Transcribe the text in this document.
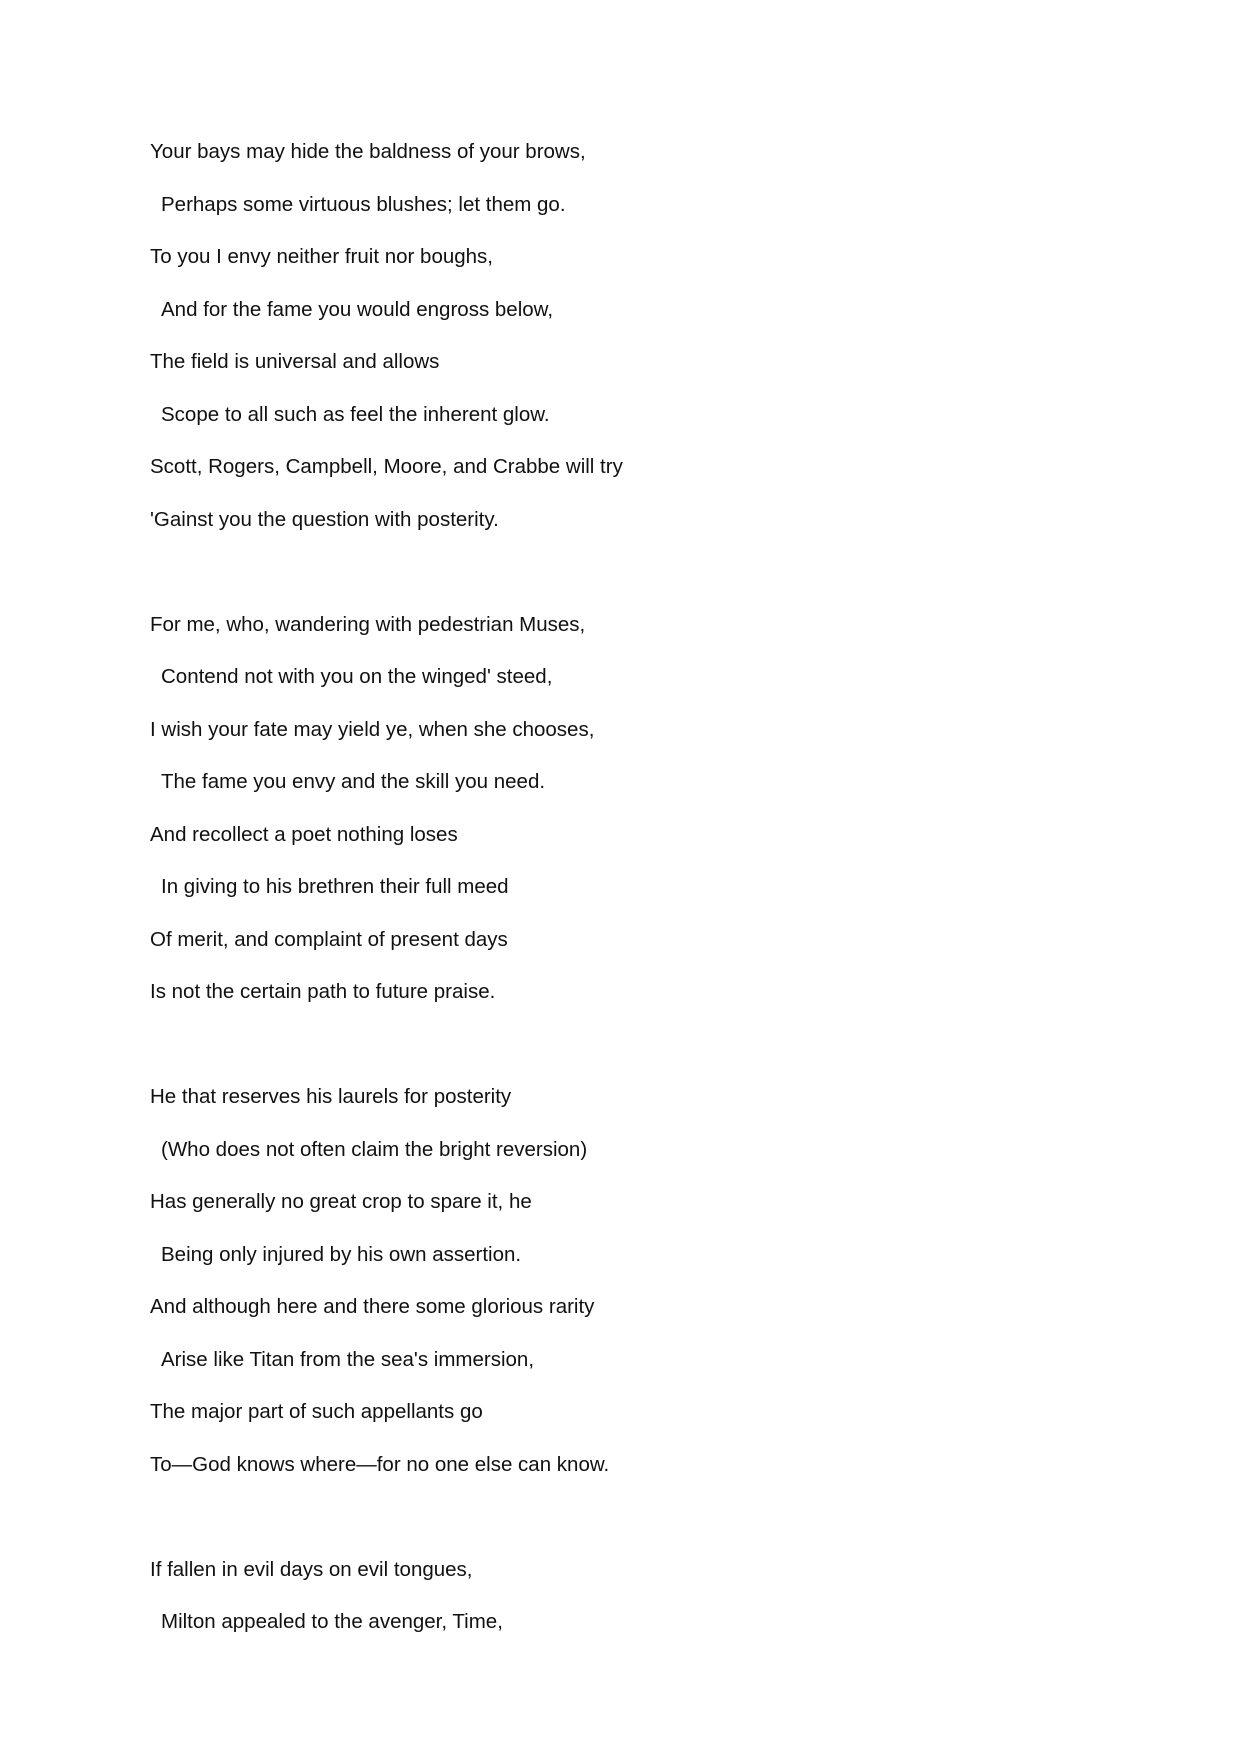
Your bays may hide the baldness of your brows,
Perhaps some virtuous blushes; let them go.
To you I envy neither fruit nor boughs,
And for the fame you would engross below,
The field is universal and allows
Scope to all such as feel the inherent glow.
Scott, Rogers, Campbell, Moore, and Crabbe will try
'Gainst you the question with posterity.
For me, who, wandering with pedestrian Muses,
Contend not with you on the winged' steed,
I wish your fate may yield ye, when she chooses,
The fame you envy and the skill you need.
And recollect a poet nothing loses
In giving to his brethren their full meed
Of merit, and complaint of present days
Is not the certain path to future praise.
He that reserves his laurels for posterity
(Who does not often claim the bright reversion)
Has generally no great crop to spare it, he
Being only injured by his own assertion.
And although here and there some glorious rarity
Arise like Titan from the sea's immersion,
The major part of such appellants go
To—God knows where—for no one else can know.
If fallen in evil days on evil tongues,
Milton appealed to the avenger, Time,
